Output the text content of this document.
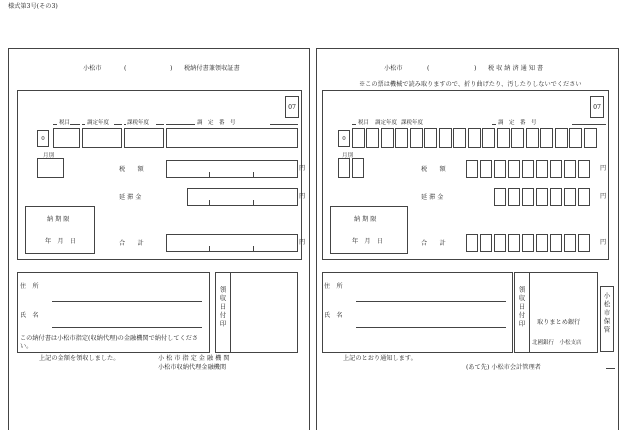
様式第3号(その3)
小松市	(	) 税納付書兼領収証書
07
税目	調定年度	課税年度	調　定　番　号
0
月別
税　　額	円
延 滞 金	円
納 期 限
年　月　日	合　　計	円
住　所
氏　名
この納付書は小松市指定(収納代理)の金融機関で納付してください。
領収日付印
上記の金額を領収しました。	小 松 市 指 定 金 融 機 関
小松市収納代理金融機関
小松市	(	) 税 収 納 済 通 知 書
※この票は機械で読み取りますので、折り曲げたり、汚したりしないでください
07
税目 調定年度 課税年度	調　定　番　号
0
月別
税　　額	円
延 滞 金	円
納 期 限
年　月　日	合　　計	円
住　所
氏　名	領収日付印 取りまとめ銀行
北國銀行　小松支店
小松市保管
上記のとおり通知します。
(あて先) 小松市会計管理者
